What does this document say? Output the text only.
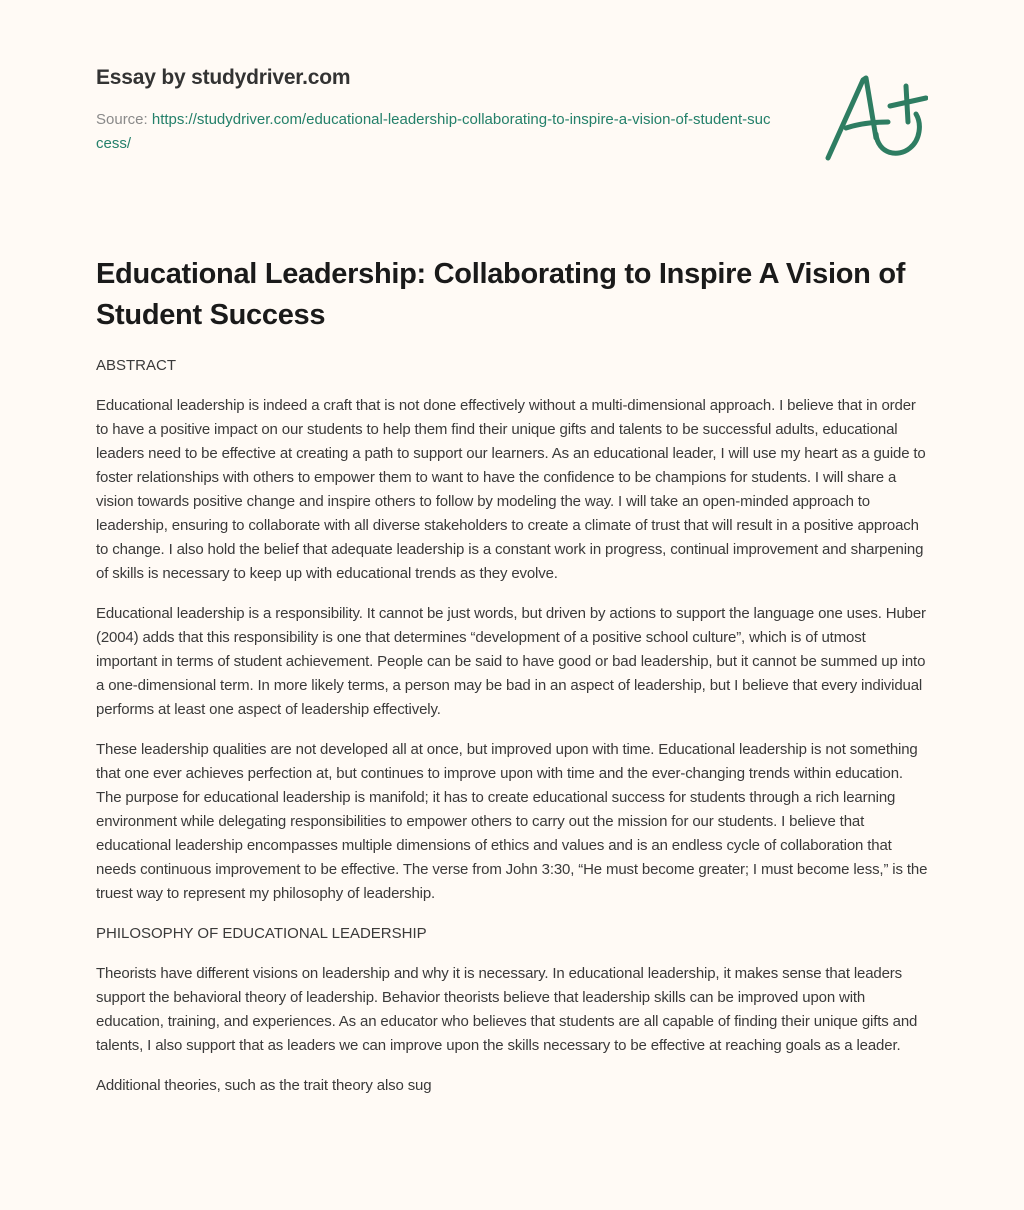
Essay by studydriver.com
Source: https://studydriver.com/educational-leadership-collaborating-to-inspire-a-vision-of-student-success/
Educational Leadership: Collaborating to Inspire A Vision of Student Success
ABSTRACT

Educational leadership is indeed a craft that is not done effectively without a multi-dimensional approach. I believe that in order to have a positive impact on our students to help them find their unique gifts and talents to be successful adults, educational leaders need to be effective at creating a path to support our learners. As an educational leader, I will use my heart as a guide to foster relationships with others to empower them to want to have the confidence to be champions for students. I will share a vision towards positive change and inspire others to follow by modeling the way. I will take an open-minded approach to leadership, ensuring to collaborate with all diverse stakeholders to create a climate of trust that will result in a positive approach to change. I also hold the belief that adequate leadership is a constant work in progress, continual improvement and sharpening of skills is necessary to keep up with educational trends as they evolve.

Educational leadership is a responsibility. It cannot be just words, but driven by actions to support the language one uses. Huber (2004) adds that this responsibility is one that determines “development of a positive school culture”, which is of utmost important in terms of student achievement. People can be said to have good or bad leadership, but it cannot be summed up into a one-dimensional term. In more likely terms, a person may be bad in an aspect of leadership, but I believe that every individual performs at least one aspect of leadership effectively.

These leadership qualities are not developed all at once, but improved upon with time. Educational leadership is not something that one ever achieves perfection at, but continues to improve upon with time and the ever-changing trends within education. The purpose for educational leadership is manifold; it has to create educational success for students through a rich learning environment while delegating responsibilities to empower others to carry out the mission for our students. I believe that educational leadership encompasses multiple dimensions of ethics and values and is an endless cycle of collaboration that needs continuous improvement to be effective. The verse from John 3:30, “He must become greater; I must become less,” is the truest way to represent my philosophy of leadership.

PHILOSOPHY OF EDUCATIONAL LEADERSHIP

Theorists have different visions on leadership and why it is necessary. In educational leadership, it makes sense that leaders support the behavioral theory of leadership. Behavior theorists believe that leadership skills can be improved upon with education, training, and experiences. As an educator who believes that students are all capable of finding their unique gifts and talents, I also support that as leaders we can improve upon the skills necessary to be effective at reaching goals as a leader.

Additional theories, such as the trait theory also sug
